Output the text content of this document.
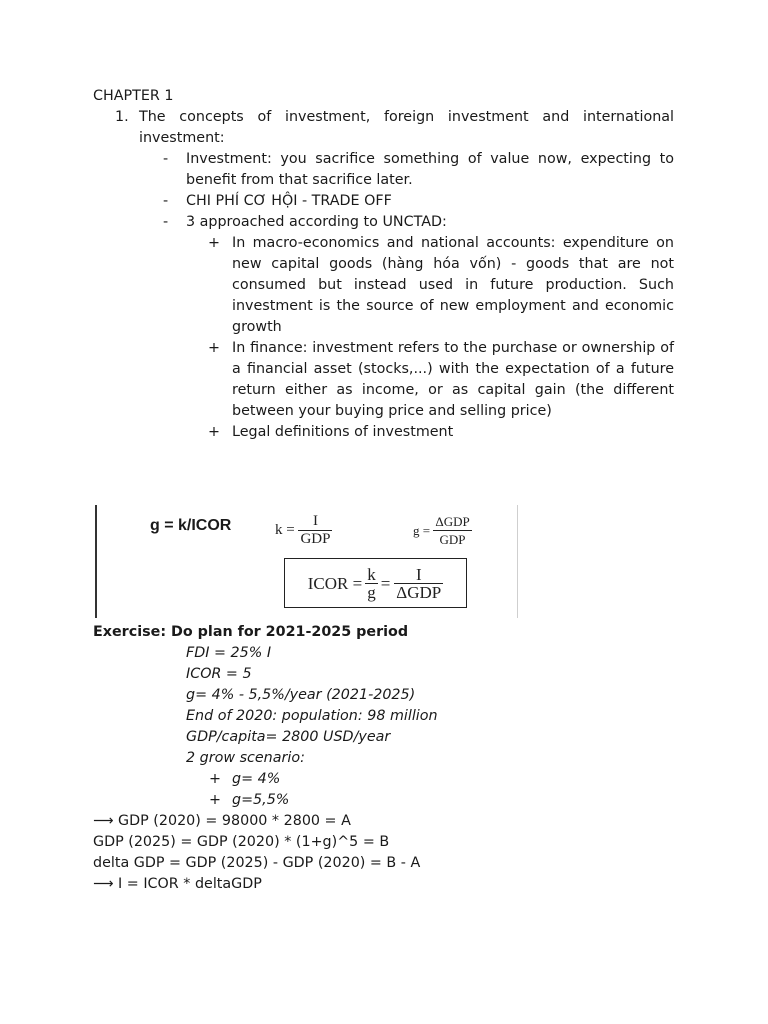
CHAPTER 1
1. The concepts of investment, foreign investment and international investment:
- Investment: you sacrifice something of value now, expecting to benefit from that sacrifice later.
- CHI PHÍ CƠ HỘI - TRADE OFF
- 3 approached according to UNCTAD:
+ In macro-economics and national accounts: expenditure on new capital goods (hàng hóa vốn) - goods that are not consumed but instead used in future production. Such investment is the source of new employment and economic growth
+ In finance: investment refers to the purchase or ownership of a financial asset (stocks,...) with the expectation of a future return either as income, or as capital gain (the different between your buying price and selling price)
+ Legal definitions of investment
g = k/ICOR	$k = \frac{I}{\text{GDP}}$	$g = \frac{\text{ΔGDP}}{\text{GDP}}$
ICOR = $\frac{k}{g} = \frac{I}{\text{ΔGDP}}$
Exercise: Do plan for 2021-2025 period
FDI = 25% I
ICOR = 5
g= 4% - 5,5%/year (2021-2025)
End of 2020: population: 98 million
GDP/capita= 2800 USD/year
2 grow scenario:
+ g= 4%
+ g=5,5%
⟶ GDP (2020) = 98000 * 2800 = A
GDP (2025) = GDP (2020) * (1+g)^5 = B
delta GDP = GDP (2025) - GDP (2020) = B - A
⟶ I = ICOR * deltaGDP
